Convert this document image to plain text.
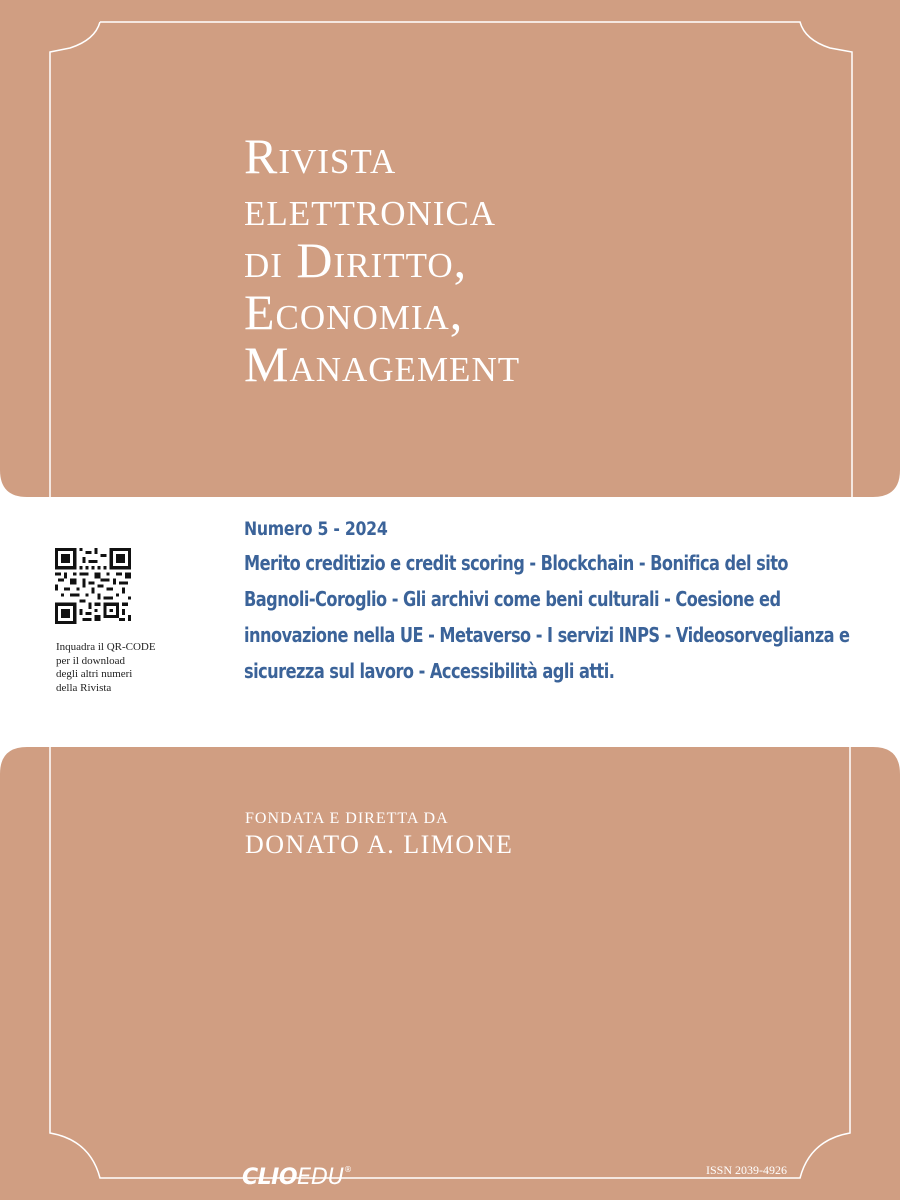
Rivista
elettronica
di Diritto,
Economia,
Management
Numero 5 - 2024
Merito creditizio e credit scoring - Blockchain - Bonifica del sito Bagnoli-Coroglio - Gli archivi come beni culturali - Coesione ed innovazione nella UE - Metaverso - I servizi INPS - Videosorveglianza e sicurezza sul lavoro - Accessibilità agli atti.
Inquadra il QR-CODE
per il download
degli altri numeri
della Rivista
FONDATA E DIRETTA DA
DONATO A. LIMONE
CLIOEDU®	ISSN 2039-4926
